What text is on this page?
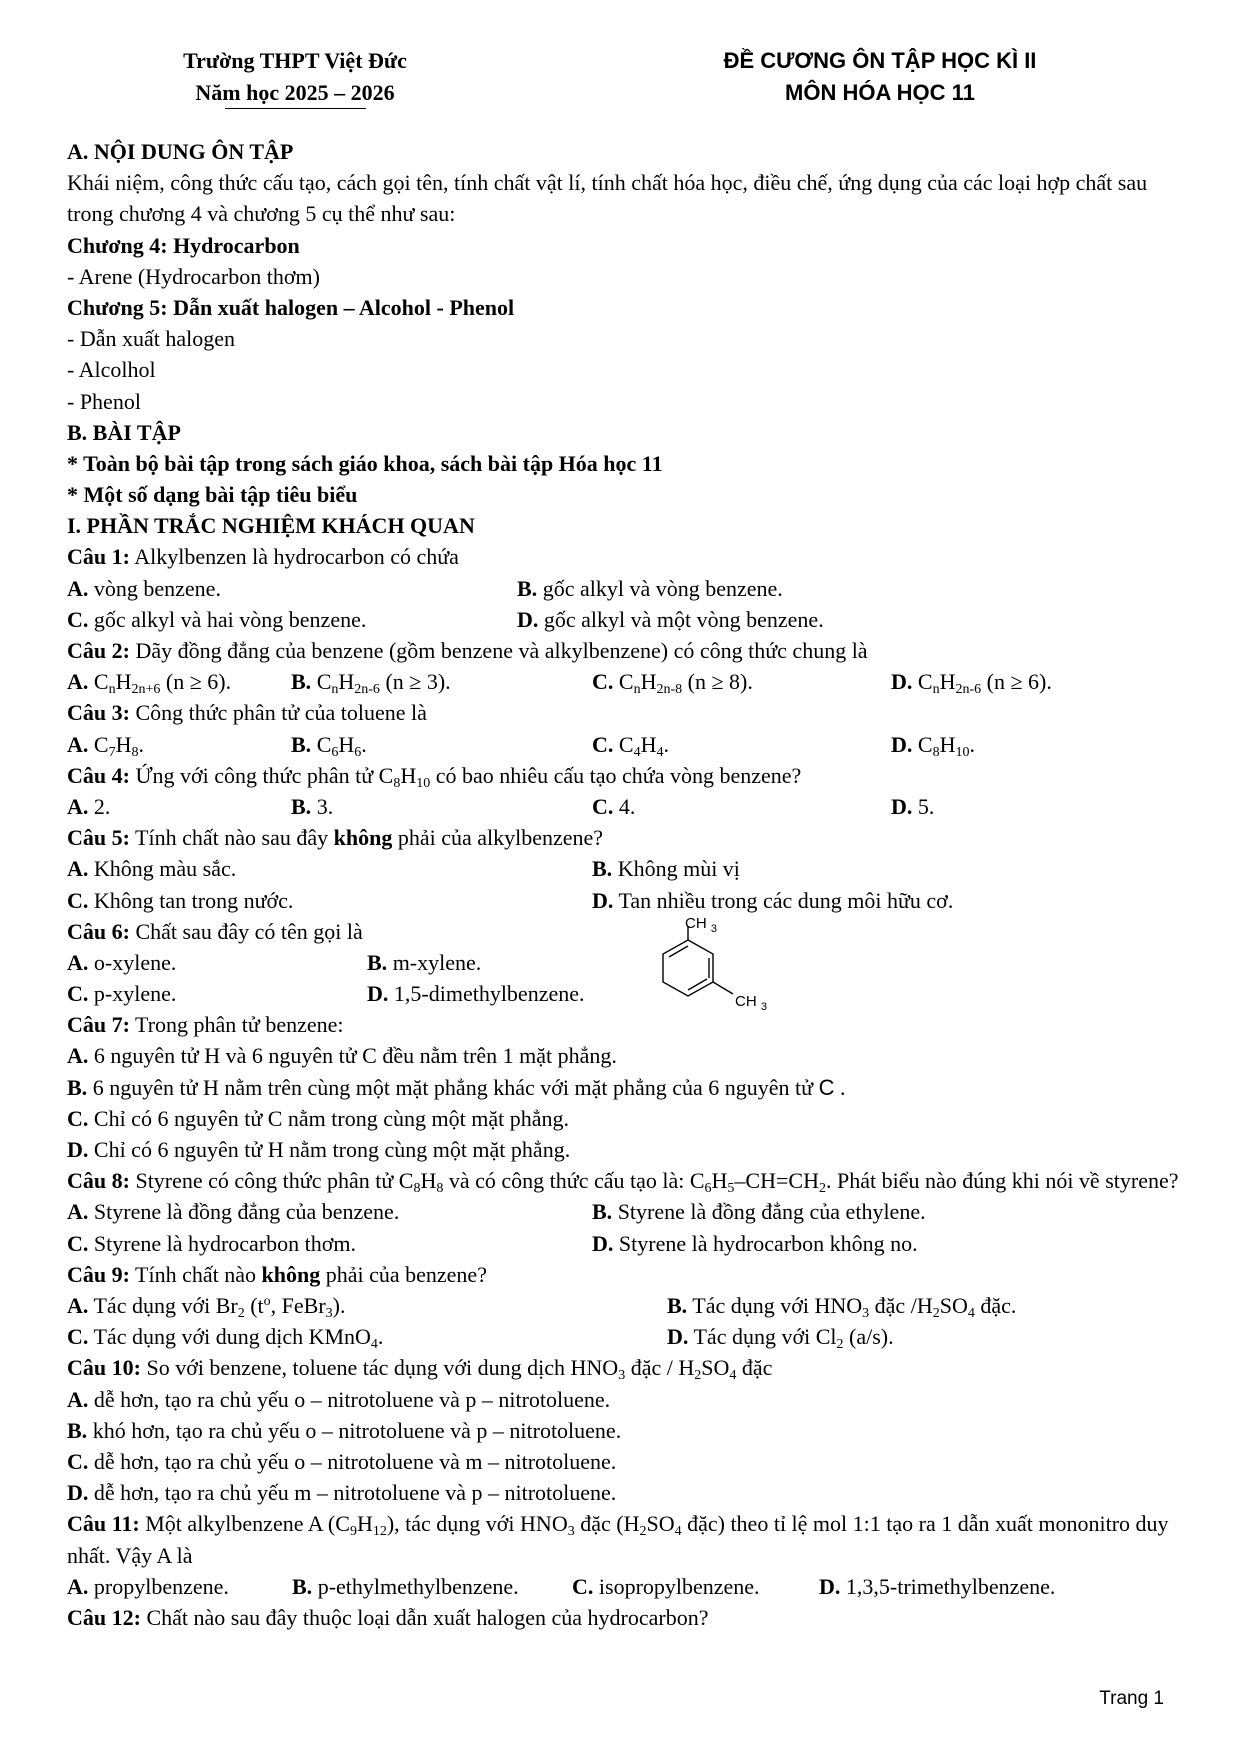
Trường THPT Việt Đức
Năm học 2025 – 2026
ĐỀ CƯƠNG ÔN TẬP HỌC KÌ II
MÔN HÓA HỌC 11
A. NỘI DUNG ÔN TẬP
Khái niệm, công thức cấu tạo, cách gọi tên, tính chất vật lí, tính chất hóa học, điều chế, ứng dụng của các loại hợp chất sau trong chương 4 và chương 5 cụ thể như sau:
Chương 4: Hydrocarbon
- Arene (Hydrocarbon thơm)
Chương 5: Dẫn xuất halogen – Alcohol - Phenol
- Dẫn xuất halogen
- Alcolhol
- Phenol
B. BÀI TẬP
* Toàn bộ bài tập trong sách giáo khoa, sách bài tập Hóa học 11
* Một số dạng bài tập tiêu biểu
I. PHẦN TRẮC NGHIỆM KHÁCH QUAN
Câu 1: Alkylbenzen là hydrocarbon có chứa
A. vòng benzene.	B. gốc alkyl và vòng benzene.
C. gốc alkyl và hai vòng benzene.	D. gốc alkyl và một vòng benzene.
Câu 2: Dãy đồng đẳng của benzene (gồm benzene và alkylbenzene) có công thức chung là
A. $C_nH_{2n+6}$ (n ≥ 6).	B. $C_nH_{2n-6}$ (n ≥ 3).	C. $C_nH_{2n-8}$ (n ≥ 8).	D. $C_nH_{2n-6}$ (n ≥ 6).
Câu 3: Công thức phân tử của toluene là
A. $C_7H_8$.	B. $C_6H_6$.	C. $C_4H_4$.	D. $C_8H_{10}$.
Câu 4: Ứng với công thức phân tử $C_8H_{10}$ có bao nhiêu cấu tạo chứa vòng benzene?
A. 2.	B. 3.	C. 4.	D. 5.
Câu 5: Tính chất nào sau đây không phải của alkylbenzene?
A. Không màu sắc.	B. Không mùi vị
C. Không tan trong nước.	D. Tan nhiều trong các dung môi hữu cơ.
Câu 6: Chất sau đây có tên gọi là
A. o-xylene.	B. m-xylene.
C. p-xylene.	D. 1,5-dimethylbenzene.
Câu 7: Trong phân tử benzene:
A. 6 nguyên tử H và 6 nguyên tử C đều nằm trên 1 mặt phẳng.
B. 6 nguyên tử H nằm trên cùng một mặt phẳng khác với mặt phẳng của 6 nguyên tử C .
C. Chỉ có 6 nguyên tử C nằm trong cùng một mặt phẳng.
D. Chỉ có 6 nguyên tử H nằm trong cùng một mặt phẳng.
Câu 8: Styrene có công thức phân tử $C_8H_8$ và có công thức cấu tạo là: $C_6H_5-CH=CH_2$. Phát biểu nào đúng khi nói về styrene?
A. Styrene là đồng đẳng của benzene.	B. Styrene là đồng đẳng của ethylene.
C. Styrene là hydrocarbon thơm.	D. Styrene là hydrocarbon không no.
Câu 9: Tính chất nào không phải của benzene?
A. Tác dụng với $Br_2$ ($t^o$, FeBr$_3$).	B. Tác dụng với $HNO_3$ đặc $/H_2SO_4$ đặc.
C. Tác dụng với dung dịch KMnO$_4$.	D. Tác dụng với $Cl_2$ (a/s).
Câu 10: So với benzene, toluene tác dụng với dung dịch $HNO_3$ đặc / $H_2SO_4$ đặc
A. dễ hơn, tạo ra chủ yếu o – nitrotoluene và p – nitrotoluene.
B. khó hơn, tạo ra chủ yếu o – nitrotoluene và p – nitrotoluene.
C. dễ hơn, tạo ra chủ yếu o – nitrotoluene và m – nitrotoluene.
D. dễ hơn, tạo ra chủ yếu m – nitrotoluene và p – nitrotoluene.
Câu 11: Một alkylbenzene A $(C_9H_{12})$, tác dụng với $HNO_3$ đặc ($H_2SO_4$ đặc) theo tỉ lệ mol 1:1 tạo ra 1 dẫn xuất mononitro duy nhất. Vậy A là
A. propylbenzene.	B. p-ethylmethylbenzene. C. isopropylbenzene.	D. 1,3,5-trimethylbenzene.
Câu 12: Chất nào sau đây thuộc loại dẫn xuất halogen của hydrocarbon?
CH $_3$
CH $_3$
Trang 1
